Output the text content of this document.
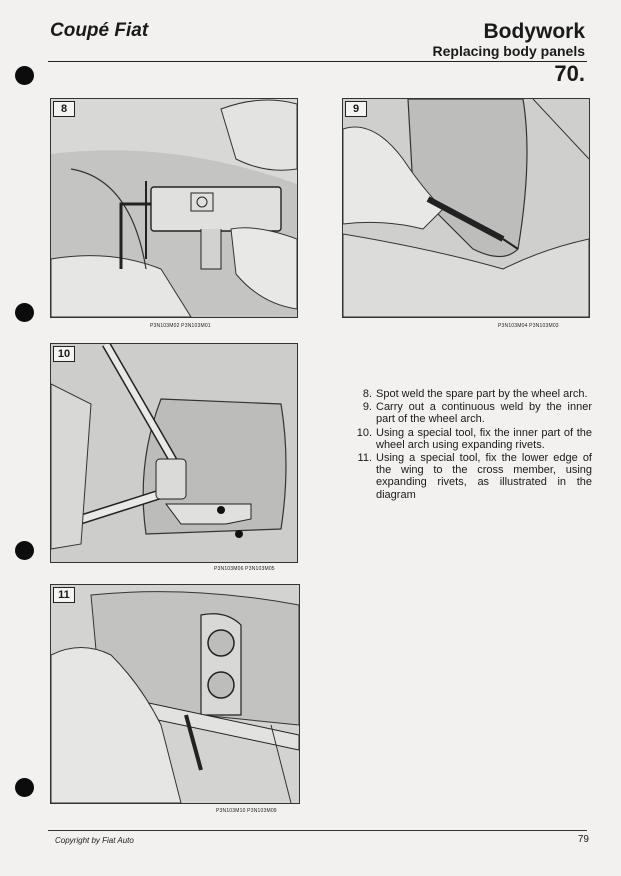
Coupé Fiat	Bodywork
Replacing body panels
70.
8
P3N103M02 P3N103M01
9
P3N103M04 P3N103M03
10
P3N103M06 P3N103M05
11
P3N103M10 P3N103M09
8. Spot weld the spare part by the wheel arch.
9. Carry out a continuous weld by the inner part of the wheel arch.
10. Using a special tool, fix the inner part of the wheel arch using expanding rivets.
11. Using a special tool, fix the lower edge of the wing to the cross member, using expanding rivets, as illustrated in the diagram
Copyright by Fiat Auto	79
